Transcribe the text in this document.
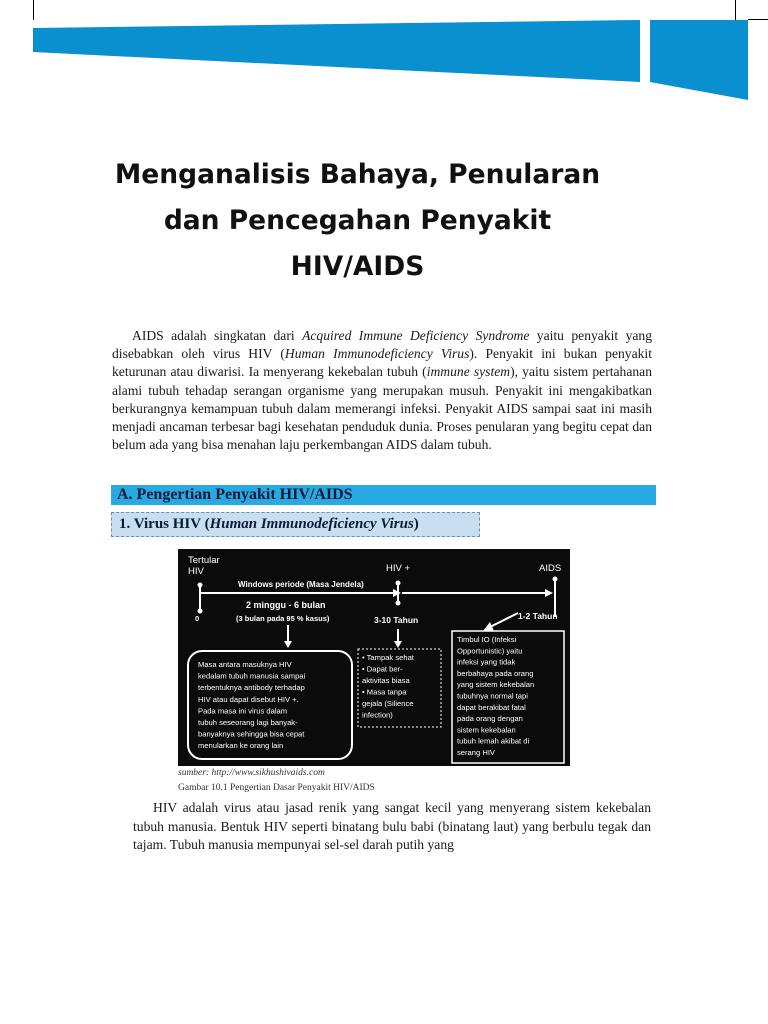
Menganalisis Bahaya, Penularan
dan Pencegahan Penyakit
HIV/AIDS

AIDS adalah singkatan dari Acquired Immune Deficiency Syndrome yaitu penyakit yang disebabkan oleh virus HIV (Human Immunodeficiency Virus). Penyakit ini bukan penyakit keturunan atau diwarisi. Ia menyerang kekebalan tubuh (immune system), yaitu sistem pertahanan alami tubuh tehadap serangan organisme yang merupakan musuh. Penyakit ini mengakibatkan berkurangnya kemampuan tubuh dalam memerangi infeksi. Penyakit AIDS sampai saat ini masih menjadi ancaman terbesar bagi kesehatan penduduk dunia. Proses penularan yang begitu cepat dan belum ada yang bisa menahan laju perkembangan AIDS dalam tubuh.

A. Pengertian Penyakit HIV/AIDS
1. Virus HIV (Human Immunodeficiency Virus)
Tertular
HIV	HIV +	AIDS
Windows periode (Masa Jendela)
0
2 minggu - 6 bulan
(3 bulan pada 95 % kasus)	3-10 Tahun	1-2 Tahun
Masa antara masuknya HIV
kedalam tubuh manusia sampai
terbentuknya antibody terhadap
HIV atau dapat disebut HIV +.
Pada masa ini virus dalam
tubuh seseorang lagi banyak-
banyaknya sehingga bisa cepat
menularkan ke orang lain
• Tampak sehat
• Dapat ber-
aktivitas biasa
• Masa tanpa
gejala (Silience
infection)
Timbul IO (Infeksi
Opportunistic) yaitu
infeksi yang tidak
berbahaya pada orang
yang sistem kekebalan
tubuhnya normal tapi
dapat berakibat fatal
pada orang dengan
sistem kekebalan
tubuh lemah akibat di
serang HIV
sumber: http://www.sikhushivaids.com
Gambar 10.1 Pengertian Dasar Penyakit HIV/AIDS

HIV adalah virus atau jasad renik yang sangat kecil yang menyerang sistem kekebalan tubuh manusia. Bentuk HIV seperti binatang bulu babi (binatang laut) yang berbulu tegak dan tajam. Tubuh manusia mempunyai sel-sel darah putih yang
